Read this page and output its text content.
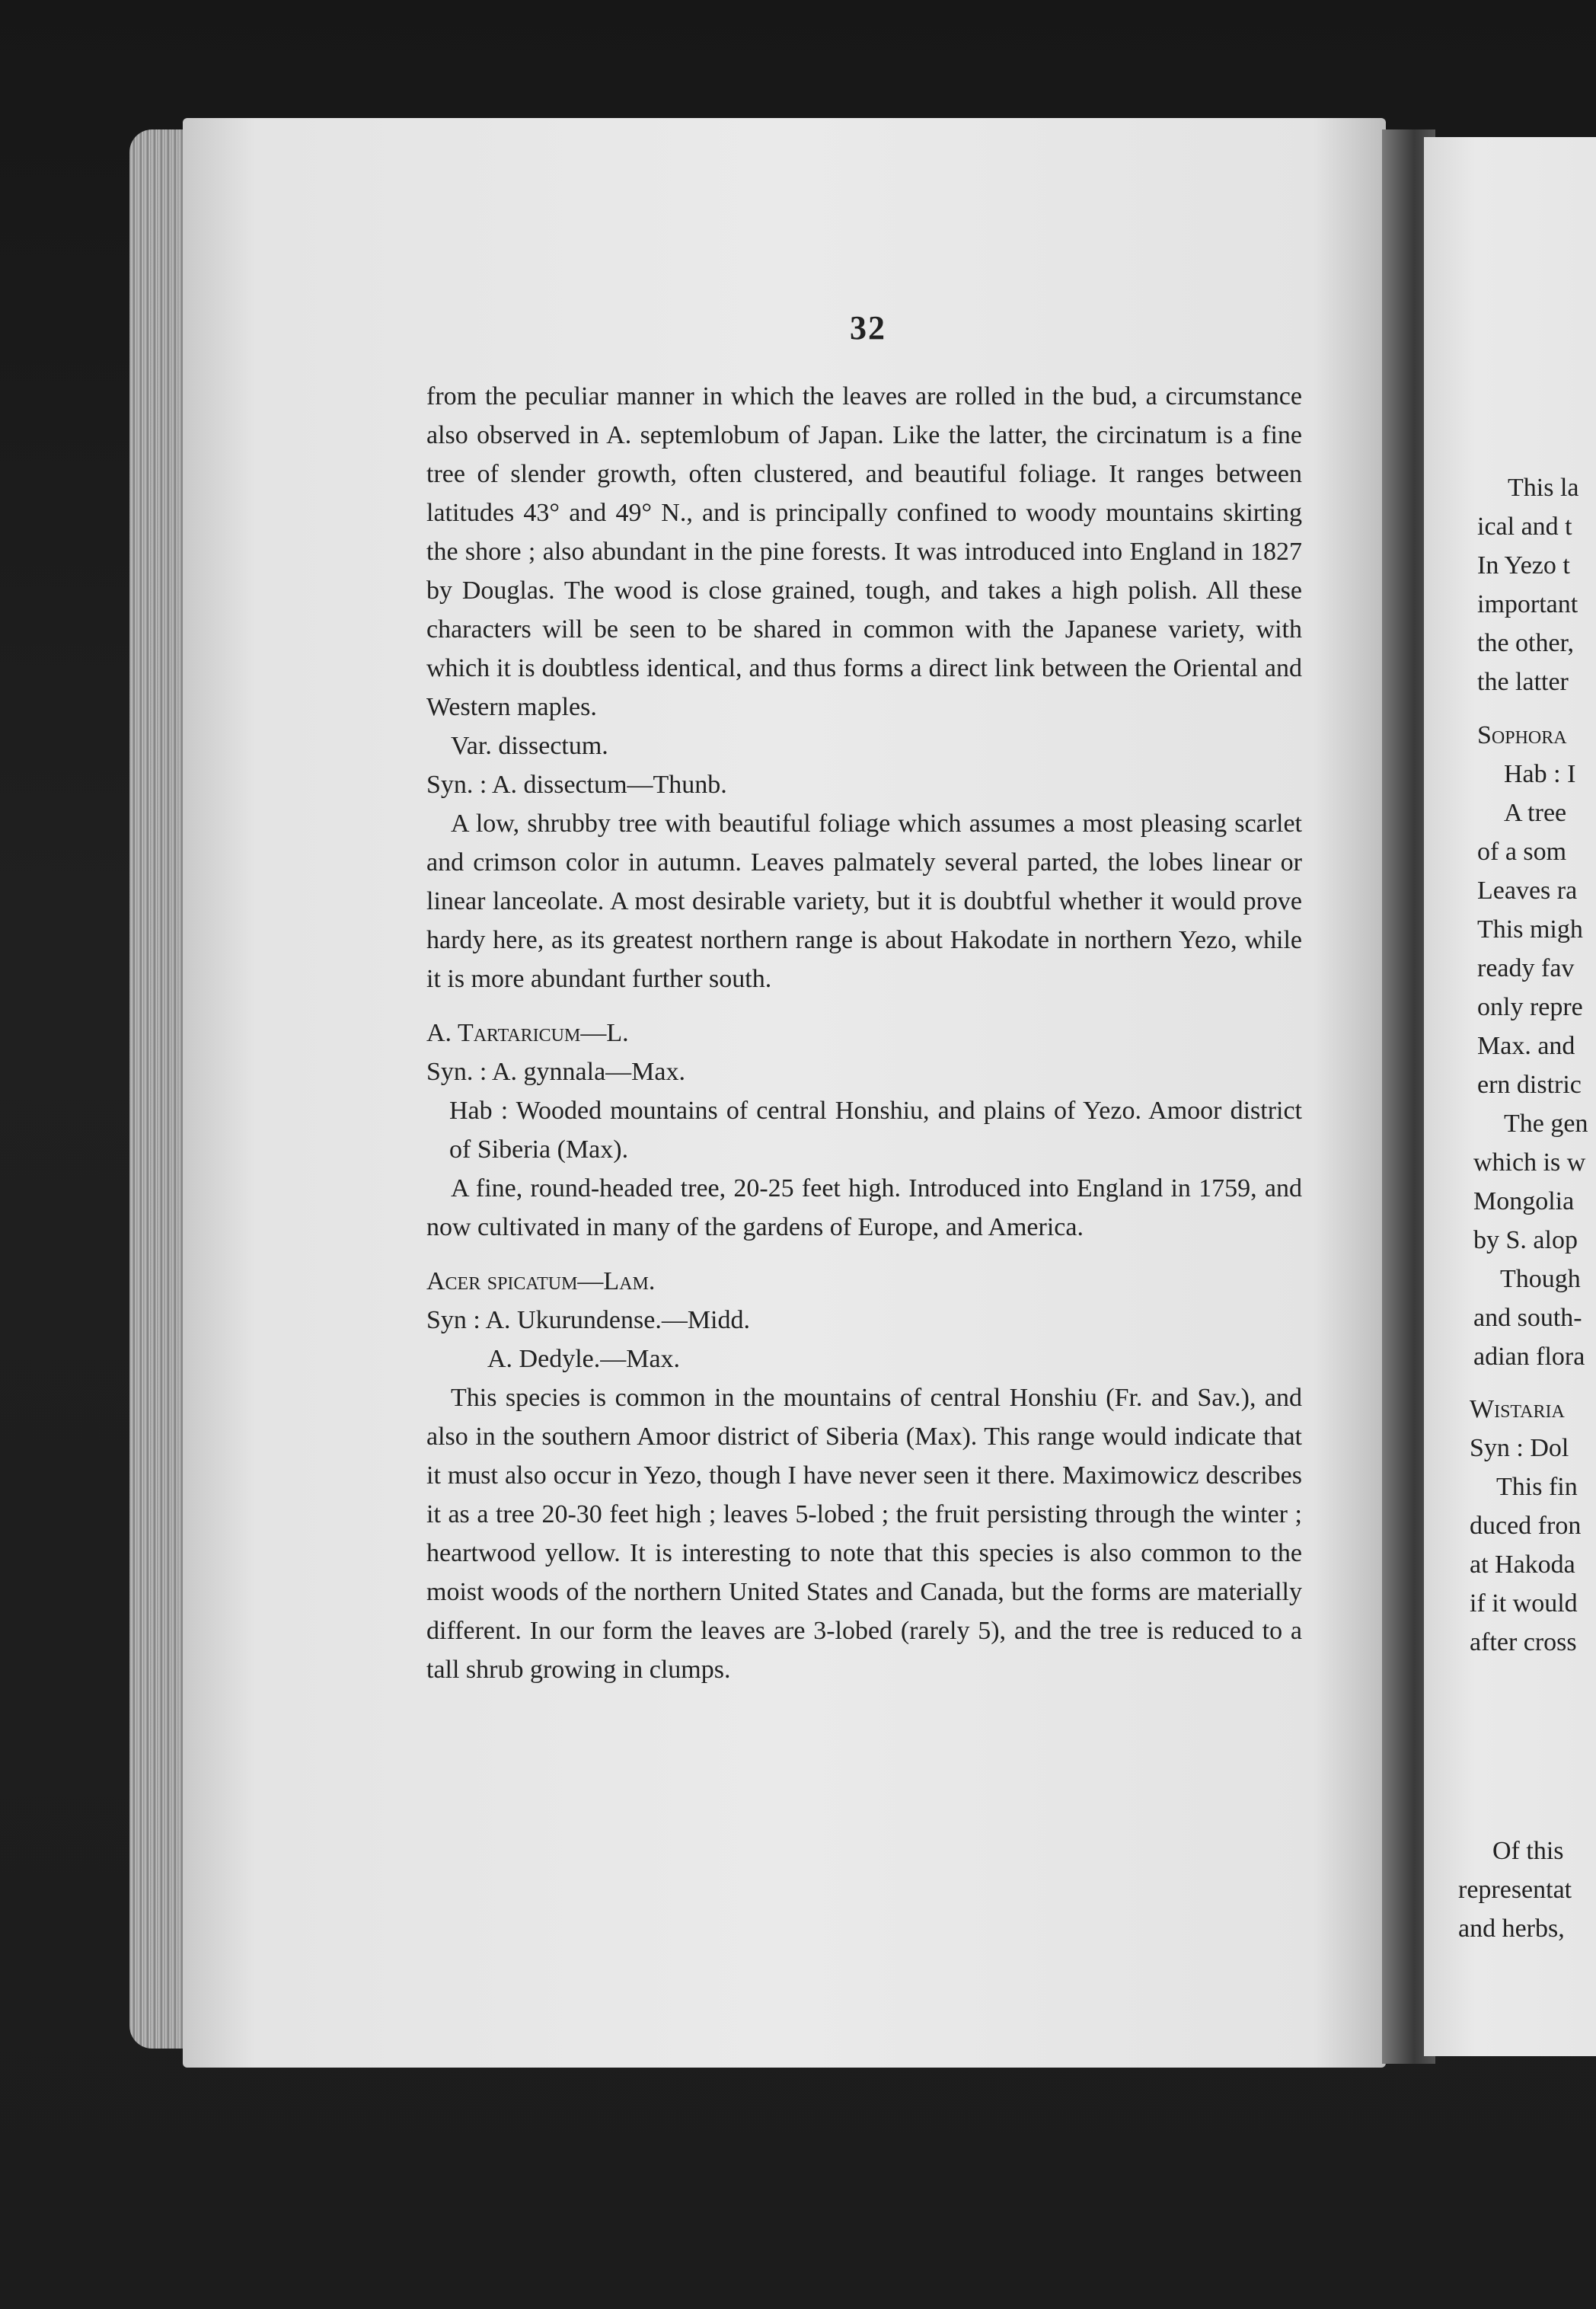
This la
ical and t
In Yezo t
important
the other,
the latter
Sophora
Hab : I
A tree
of a som
Leaves ra
This migh
ready fav
only repre
Max. and
ern distric
The gen
which is w
Mongolia
by S. alop
Though
and south-
adian flora
Wistaria
Syn : Dol
This fin
duced fron
at Hakoda
if it would
after cross
Of this
representat
and herbs,
32

from the peculiar manner in which the leaves are rolled in the bud, a circumstance also observed in A. septemlobum of Japan. Like the latter, the circinatum is a fine tree of slender growth, often clustered, and beautiful foliage. It ranges between latitudes 43° and 49° N., and is principally confined to woody mountains skirting the shore ; also abundant in the pine forests. It was introduced into England in 1827 by Douglas. The wood is close grained, tough, and takes a high polish. All these characters will be seen to be shared in common with the Japanese variety, with which it is doubtless identical, and thus forms a direct link between the Oriental and Western maples.

Var. dissectum.

Syn. : A. dissectum—Thunb.

A low, shrubby tree with beautiful foliage which assumes a most pleasing scarlet and crimson color in autumn. Leaves palmately several parted, the lobes linear or linear lanceolate. A most desirable variety, but it is doubtful whether it would prove hardy here, as its greatest northern range is about Hakodate in northern Yezo, while it is more abundant further south.

A. Tartaricum—L.

Syn. : A. gynnala—Max.

Hab : Wooded mountains of central Honshiu, and plains of Yezo. Amoor district of Siberia (Max).

A fine, round-headed tree, 20-25 feet high. Introduced into England in 1759, and now cultivated in many of the gardens of Europe, and America.

Acer spicatum—Lam.

Syn : A. Ukurundense.—Midd.

A. Dedyle.—Max.

This species is common in the mountains of central Honshiu (Fr. and Sav.), and also in the southern Amoor district of Siberia (Max). This range would indicate that it must also occur in Yezo, though I have never seen it there. Maximowicz describes it as a tree 20-30 feet high ; leaves 5-lobed ; the fruit persisting through the winter ; heartwood yellow. It is interesting to note that this species is also common to the moist woods of the northern United States and Canada, but the forms are materially different. In our form the leaves are 3-lobed (rarely 5), and the tree is reduced to a tall shrub growing in clumps.
